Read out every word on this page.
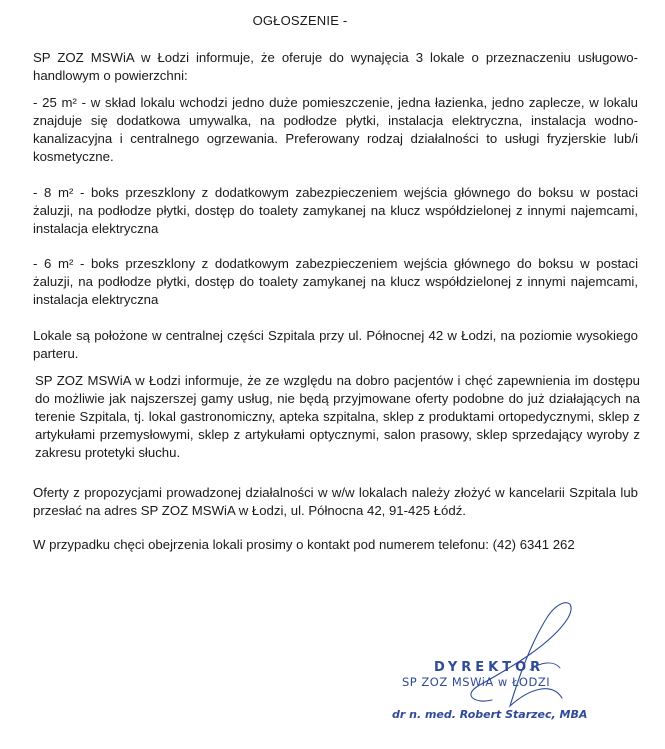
OGŁOSZENIE -

SP ZOZ MSWiA w Łodzi informuje, że oferuje do wynajęcia 3 lokale o przeznaczeniu usługowo-handlowym o powierzchni:

- 25 m² - w skład lokalu wchodzi jedno duże pomieszczenie, jedna łazienka, jedno zaplecze, w lokalu znajduje się dodatkowa umywalka, na podłodze płytki, instalacja elektryczna, instalacja wodno-kanalizacyjna i centralnego ogrzewania. Preferowany rodzaj działalności to usługi fryzjerskie lub/i kosmetyczne.

- 8 m² - boks przeszklony z dodatkowym zabezpieczeniem wejścia głównego do boksu w postaci żaluzji, na podłodze płytki, dostęp do toalety zamykanej na klucz współdzielonej z innymi najemcami, instalacja elektryczna

- 6 m² - boks przeszklony z dodatkowym zabezpieczeniem wejścia głównego do boksu w postaci żaluzji, na podłodze płytki, dostęp do toalety zamykanej na klucz współdzielonej z innymi najemcami, instalacja elektryczna

Lokale są położone w centralnej części Szpitala przy ul. Północnej 42 w Łodzi, na poziomie wysokiego parteru.

SP ZOZ MSWiA w Łodzi informuje, że ze względu na dobro pacjentów i chęć zapewnienia im dostępu do możliwie jak najszerszej gamy usług, nie będą przyjmowane oferty podobne do już działających na terenie Szpitala, tj. lokal gastronomiczny, apteka szpitalna, sklep z produktami ortopedycznymi, sklep z artykułami przemysłowymi, sklep z artykułami optycznymi, salon prasowy, sklep sprzedający wyroby z zakresu protetyki słuchu.

Oferty z propozycjami prowadzonej działalności w w/w lokalach należy złożyć w kancelarii Szpitala lub przesłać na adres SP ZOZ MSWiA w Łodzi, ul. Północna 42, 91-425 Łódź.

W przypadku chęci obejrzenia lokali prosimy o kontakt pod numerem telefonu: (42) 6341 262

DYREKTOR
SP ZOZ MSWiA w ŁODZI
dr n. med. Robert Starzec, MBA
